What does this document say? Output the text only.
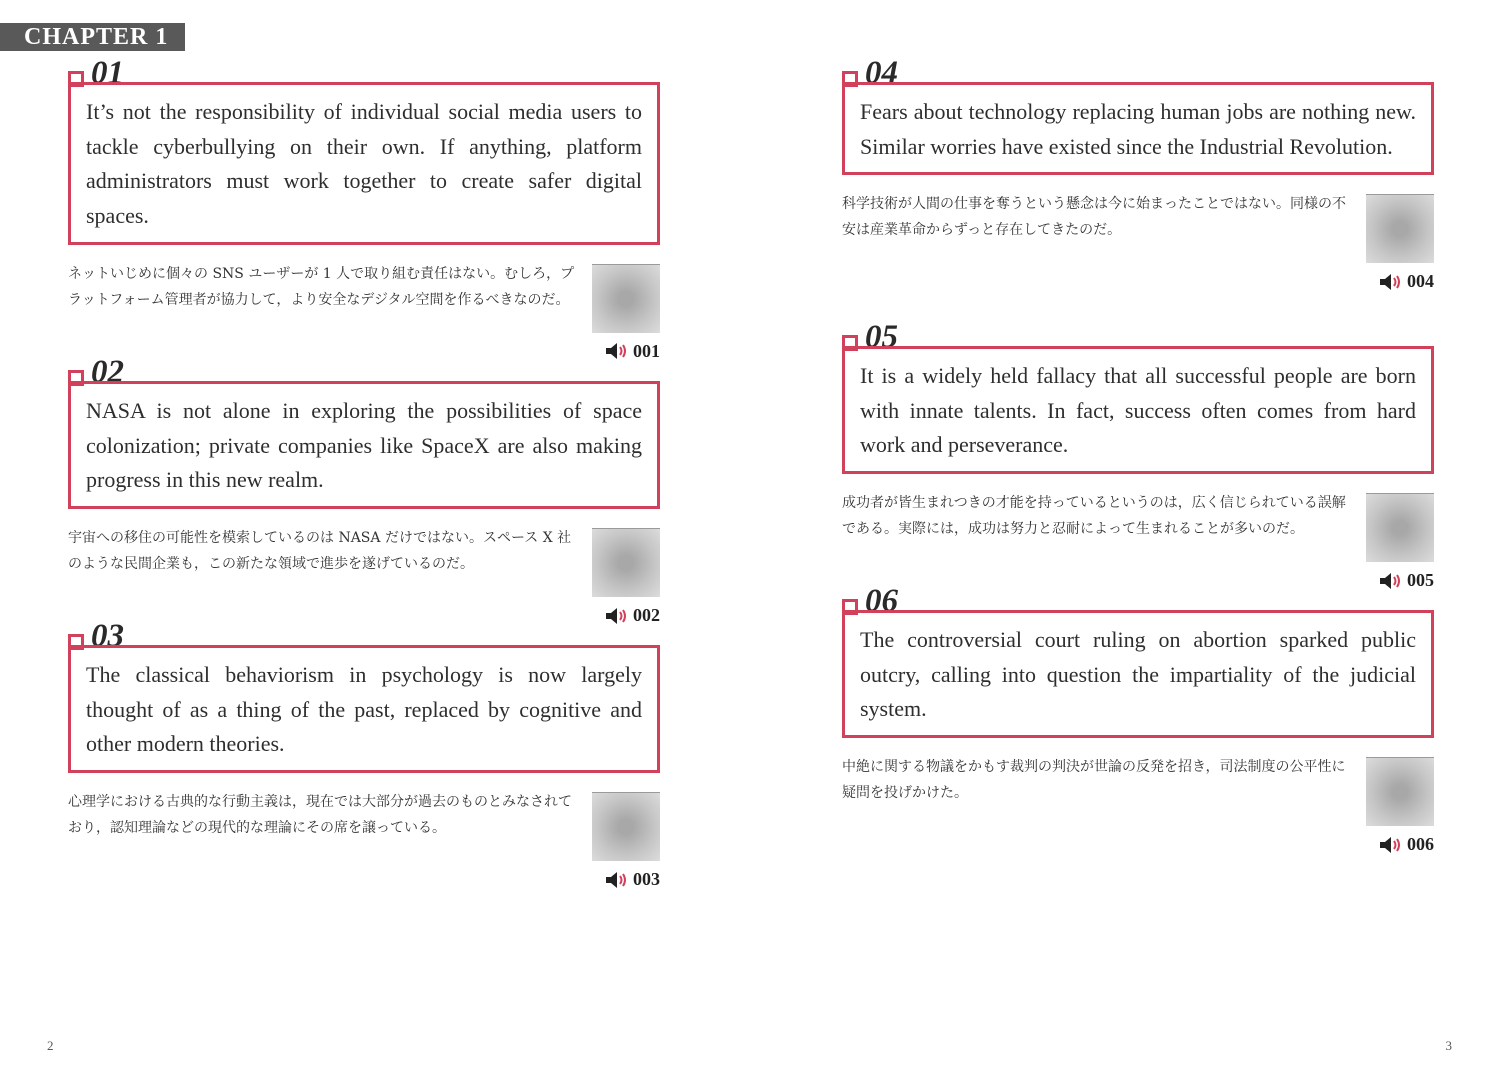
CHAPTER 1
01
It’s not the responsibility of individual social media users to tackle cyberbullying on their own. If anything, platform administrators must work together to create safer digital spaces.
ネットいじめに個々の SNS ユーザーが 1 人で取り組む責任はない。むしろ，プラットフォーム管理者が協力して，より安全なデジタル空間を作るべきなのだ。
001
02
NASA is not alone in exploring the possibilities of space colonization; private companies like SpaceX are also making progress in this new realm.
宇宙への移住の可能性を模索しているのは NASA だけではない。スペース X 社のような民間企業も，この新たな領域で進歩を遂げているのだ。
002
03
The classical behaviorism in psychology is now largely thought of as a thing of the past, replaced by cognitive and other modern theories.
心理学における古典的な行動主義は，現在では大部分が過去のものとみなされており，認知理論などの現代的な理論にその席を譲っている。
003
2
04
Fears about technology replacing human jobs are nothing new. Similar worries have existed since the Industrial Revolution.
科学技術が人間の仕事を奪うという懸念は今に始まったことではない。同様の不安は産業革命からずっと存在してきたのだ。
004
05
It is a widely held fallacy that all successful people are born with innate talents. In fact, success often comes from hard work and perseverance.
成功者が皆生まれつきの才能を持っているというのは，広く信じられている誤解である。実際には，成功は努力と忍耐によって生まれることが多いのだ。
005
06
The controversial court ruling on abortion sparked public outcry, calling into question the impartiality of the judicial system.
中絶に関する物議をかもす裁判の判決が世論の反発を招き，司法制度の公平性に疑問を投げかけた。
006
3
